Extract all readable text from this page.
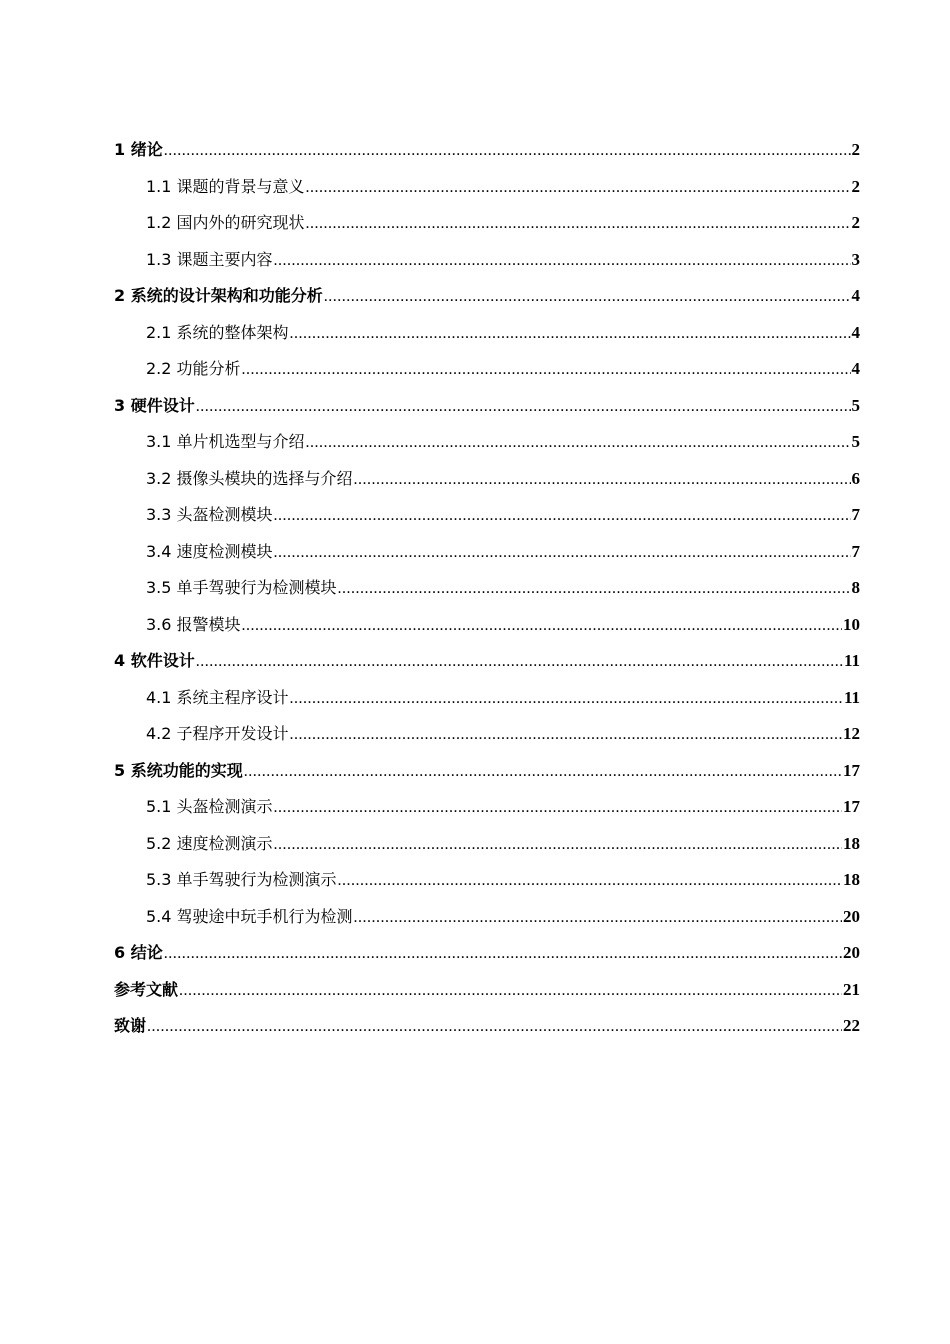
1 绪论 .....	2
1.1 课题的背景与意义 .....	2
1.2 国内外的研究现状 .....	2
1.3 课题主要内容 .....	3
2 系统的设计架构和功能分析 .....	4
2.1 系统的整体架构 .....	4
2.2 功能分析 .....	4
3 硬件设计 .....	5
3.1 单片机选型与介绍 .....	5
3.2 摄像头模块的选择与介绍 .....	6
3.3 头盔检测模块 .....	7
3.4 速度检测模块 .....	7
3.5 单手驾驶行为检测模块 .....	8
3.6 报警模块 .....	10
4 软件设计 .....	11
4.1 系统主程序设计 .....	11
4.2 子程序开发设计 .....	12
5 系统功能的实现 .....	17
5.1 头盔检测演示 .....	17
5.2 速度检测演示 .....	18
5.3 单手驾驶行为检测演示 .....	18
5.4 驾驶途中玩手机行为检测 .....	20
6 结论 .....	20
参考文献 .....	21
致谢 .....	22
